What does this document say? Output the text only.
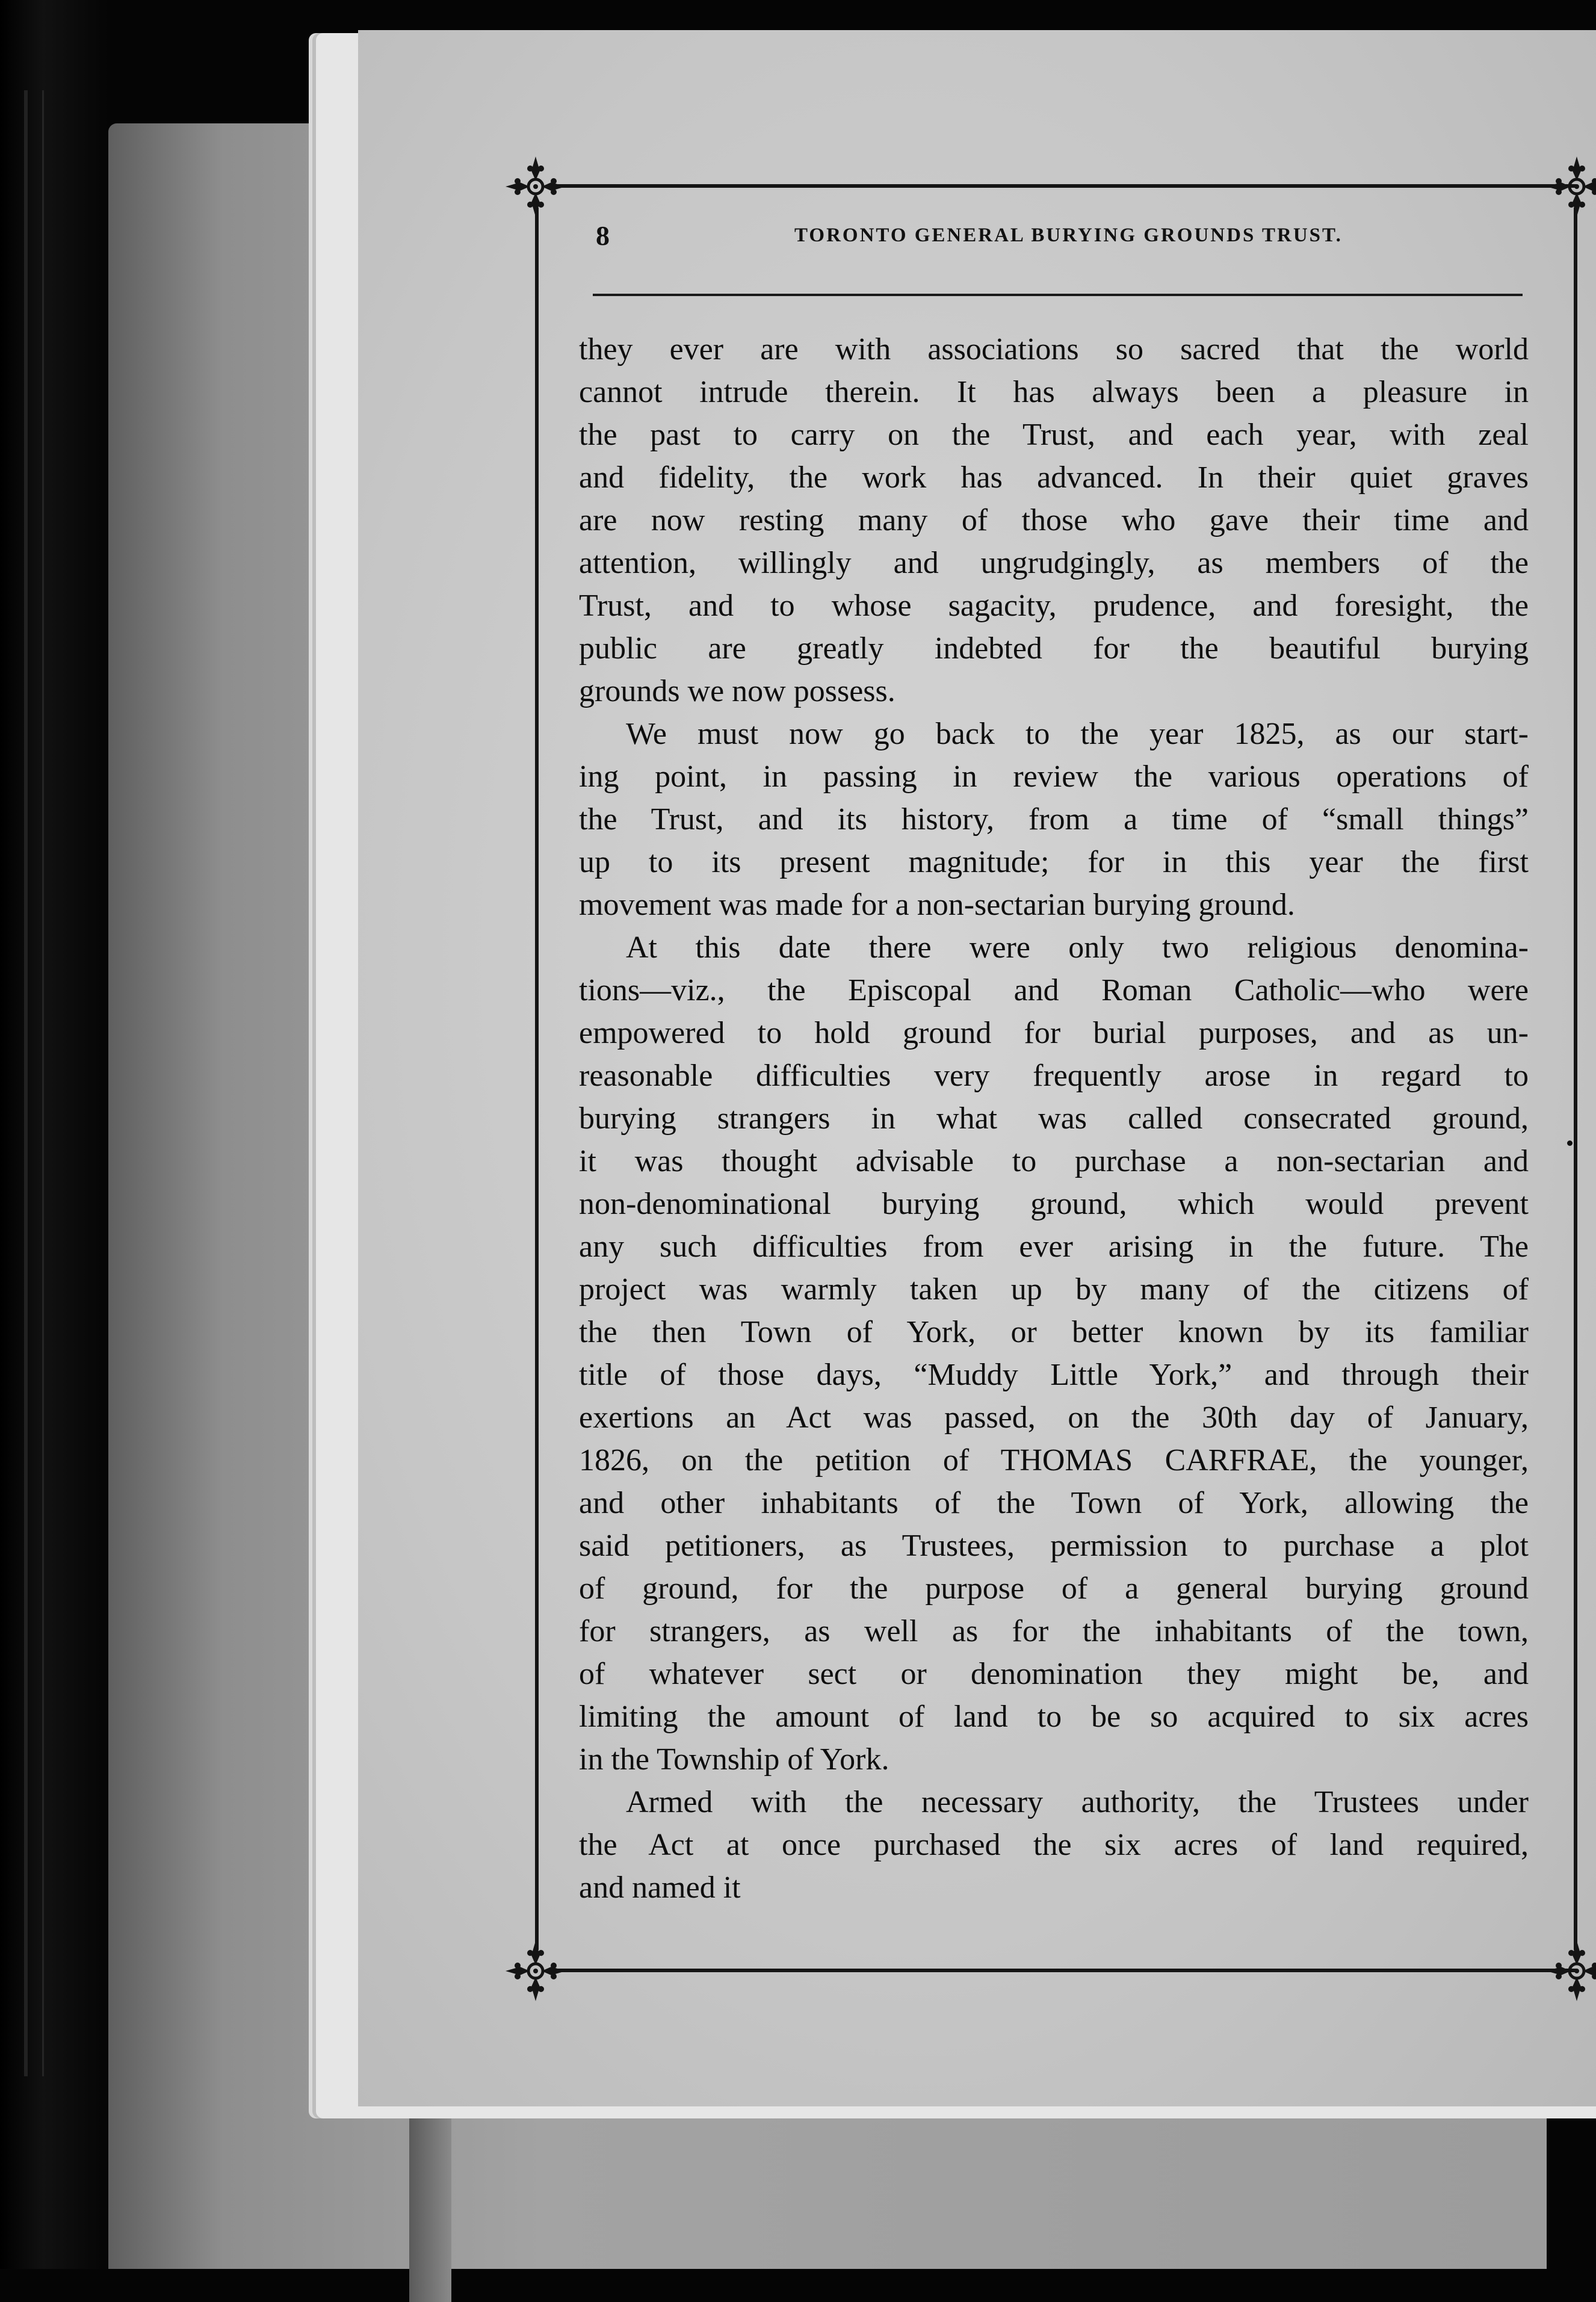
8	TORONTO GENERAL BURYING GROUNDS TRUST.
they ever are with associations so sacred that the world
cannot intrude therein. It has always been a pleasure in
the past to carry on the Trust, and each year, with zeal
and fidelity, the work has advanced. In their quiet graves
are now resting many of those who gave their time and
attention, willingly and ungrudgingly, as members of the
Trust, and to whose sagacity, prudence, and foresight, the
public are greatly indebted for the beautiful burying
grounds we now possess.
We must now go back to the year 1825, as our start-
ing point, in passing in review the various operations of
the Trust, and its history, from a time of “small things”
up to its present magnitude; for in this year the first
movement was made for a non-sectarian burying ground.
At this date there were only two religious denomina-
tions—viz., the Episcopal and Roman Catholic—who were
empowered to hold ground for burial purposes, and as un-
reasonable difficulties very frequently arose in regard to
burying strangers in what was called consecrated ground,
it was thought advisable to purchase a non-sectarian and
non-denominational burying ground, which would prevent
any such difficulties from ever arising in the future. The
project was warmly taken up by many of the citizens of
the then Town of York, or better known by its familiar
title of those days, “Muddy Little York,” and through their
exertions an Act was passed, on the 30th day of January,
1826, on the petition of THOMAS CARFRAE, the younger,
and other inhabitants of the Town of York, allowing the
said petitioners, as Trustees, permission to purchase a plot
of ground, for the purpose of a general burying ground
for strangers, as well as for the inhabitants of the town,
of whatever sect or denomination they might be, and
limiting the amount of land to be so acquired to six acres
in the Township of York.
Armed with the necessary authority, the Trustees under
the Act at once purchased the six acres of land required,
and named it
